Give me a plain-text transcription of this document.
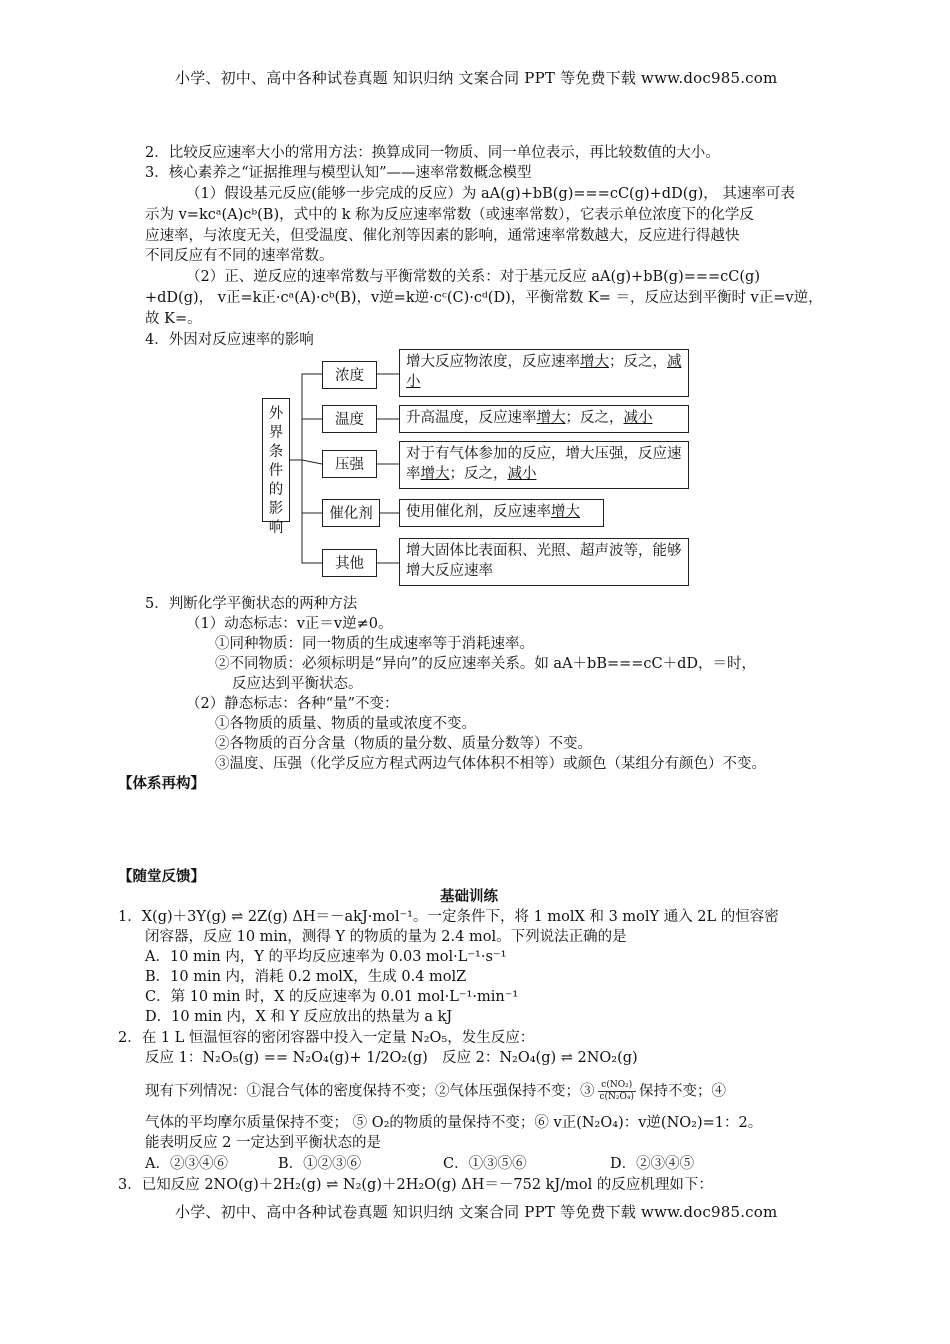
小学、初中、高中各种试卷真题 知识归纳 文案合同 PPT 等免费下载 www.doc985.com
2．比较反应速率大小的常用方法：换算成同一物质、同一单位表示，再比较数值的大小。
3．核心素养之“证据推理与模型认知”——速率常数概念模型
（1）假设基元反应(能够一步完成的反应）为 aA(g)+bB(g)===cC(g)+dD(g)， 其速率可表
示为 v=kcᵃ(A)cᵇ(B)，式中的 k 称为反应速率常数（或速率常数），它表示单位浓度下的化学反
应速率，与浓度无关，但受温度、催化剂等因素的影响，通常速率常数越大，反应进行得越快
不同反应有不同的速率常数。
（2）正、逆反应的速率常数与平衡常数的关系：对于基元反应 aA(g)+bB(g)===cC(g)
+dD(g)， v正=k正·cᵃ(A)·cᵇ(B)，v逆=k逆·cᶜ(C)·cᵈ(D)，平衡常数 K= ＝，反应达到平衡时 v正=v逆，
故 K=。
4．外因对反应速率的影响
外界条件的影响
浓度
温度
压强
催化剂
其他
增大反应物浓度，反应速率增大；反之，减小
升高温度，反应速率增大；反之，减小
对于有气体参加的反应，增大压强，反应速率增大；反之，减小
使用催化剂，反应速率增大
增大固体比表面积、光照、超声波等，能够增大反应速率
5．判断化学平衡状态的两种方法
（1）动态标志：v正＝v逆≠0。
①同种物质：同一物质的生成速率等于消耗速率。
②不同物质：必须标明是“异向”的反应速率关系。如 aA＋bB===cC＋dD，＝时，
反应达到平衡状态。
（2）静态标志：各种“量”不变：
①各物质的质量、物质的量或浓度不变。
②各物质的百分含量（物质的量分数、质量分数等）不变。
③温度、压强（化学反应方程式两边气体体积不相等）或颜色（某组分有颜色）不变。
【体系再构】
【随堂反馈】
基础训练
1．X(g)＋3Y(g) ⇌ 2Z(g) ΔH＝－akJ·mol⁻¹。一定条件下，将 1 molX 和 3 molY 通入 2L 的恒容密
闭容器，反应 10 min，测得 Y 的物质的量为 2.4 mol。下列说法正确的是
A．10 min 内，Y 的平均反应速率为 0.03 mol·L⁻¹·s⁻¹
B．10 min 内，消耗 0.2 molX，生成 0.4 molZ
C．第 10 min 时，X 的反应速率为 0.01 mol·L⁻¹·min⁻¹
D．10 min 内，X 和 Y 反应放出的热量为 a kJ
2．在 1 L 恒温恒容的密闭容器中投入一定量 N₂O₅，发生反应：
反应 1：N₂O₅(g) == N₂O₄(g)+ 1/2O₂(g) 反应 2：N₂O₄(g) ⇌ 2NO₂(g)
现有下列情况：①混合气体的密度保持不变；②气体压强保持不变；③ $\frac{\text{c(NO₂)}}{\text{c(N₂O₄)}}$ 保持不变；④
气体的平均摩尔质量保持不变； ⑤ O₂的物质的量保持不变；⑥ v正(N₂O₄)：v逆(NO₂)=1：2。
能表明反应 2 一定达到平衡状态的是
A．②③④⑥	B．①②③⑥	C．①③⑤⑥	D．②③④⑤
3．已知反应 2NO(g)＋2H₂(g) ⇌ N₂(g)＋2H₂O(g) ΔH＝－752 kJ/mol 的反应机理如下：
小学、初中、高中各种试卷真题 知识归纳 文案合同 PPT 等免费下载 www.doc985.com
